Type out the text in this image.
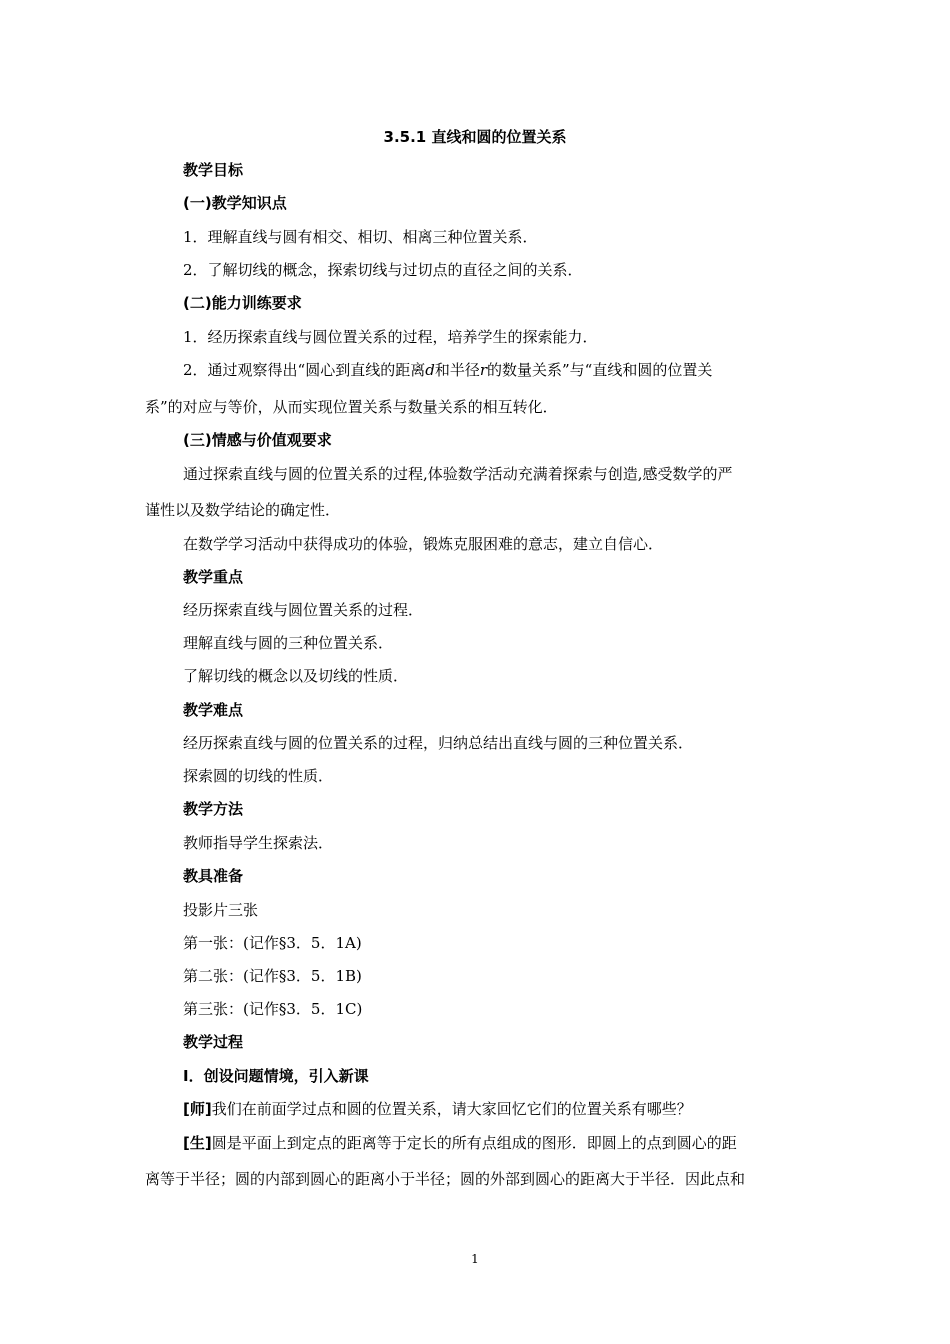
3.5.1 直线和圆的位置关系
教学目标
(一)教学知识点
1．理解直线与圆有相交、相切、相离三种位置关系．
2．了解切线的概念，探索切线与过切点的直径之间的关系．
(二)能力训练要求
1．经历探索直线与圆位置关系的过程，培养学生的探索能力．
2．通过观察得出“圆心到直线的距离d和半径r的数量关系”与“直线和圆的位置关
系”的对应与等价，从而实现位置关系与数量关系的相互转化．
(三)情感与价值观要求
通过探索直线与圆的位置关系的过程,体验数学活动充满着探索与创造,感受数学的严
谨性以及数学结论的确定性．
在数学学习活动中获得成功的体验，锻炼克服困难的意志，建立自信心．
教学重点
经历探索直线与圆位置关系的过程．
理解直线与圆的三种位置关系．
了解切线的概念以及切线的性质．
教学难点
经历探索直线与圆的位置关系的过程，归纳总结出直线与圆的三种位置关系．
探索圆的切线的性质．
教学方法
教师指导学生探索法．
教具准备
投影片三张
第一张：(记作§3．5．1A)
第二张：(记作§3．5．1B)
第三张：(记作§3．5．1C)
教学过程
Ⅰ．创设问题情境，引入新课
[师]我们在前面学过点和圆的位置关系，请大家回忆它们的位置关系有哪些？
[生]圆是平面上到定点的距离等于定长的所有点组成的图形．即圆上的点到圆心的距
离等于半径；圆的内部到圆心的距离小于半径；圆的外部到圆心的距离大于半径．因此点和
1
